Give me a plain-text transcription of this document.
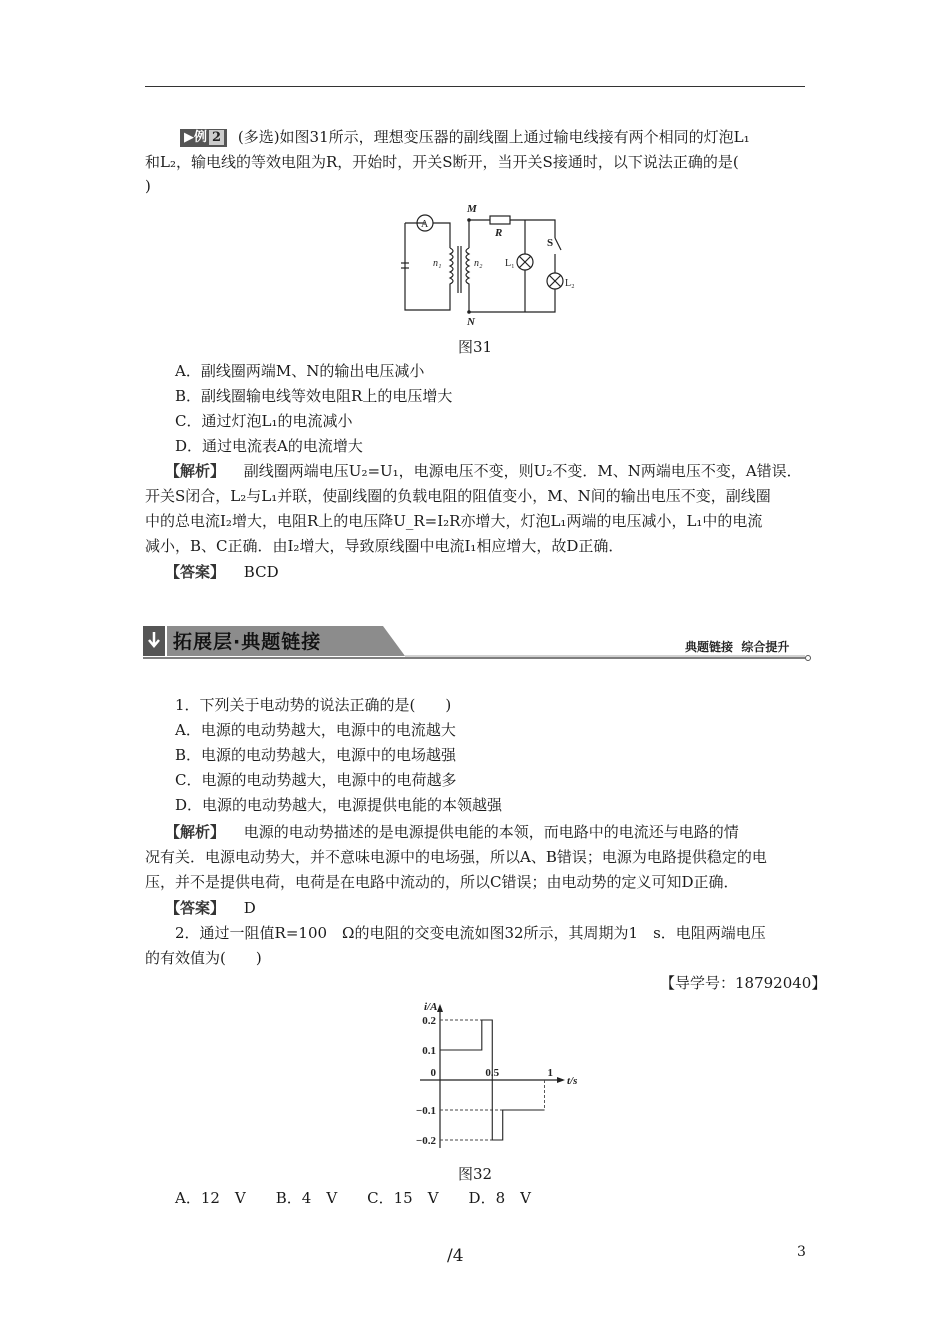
▶例 2 (多选)如图31所示，理想变压器的副线圈上通过输电线接有两个相同的灯泡L₁
和L₂，输电线的等效电阻为R，开始时，开关S断开，当开关S接通时，以下说法正确的是(
)
A
M
N
R
S
n₁	n₂ L₁
L₂
图31
A．副线圈两端M、N的输出电压减小
B．副线圈输电线等效电阻R上的电压增大
C．通过灯泡L₁的电流减小
D．通过电流表A的电流增大
【解析】 副线圈两端电压U₂=U₁，电源电压不变，则U₂不变．M、N两端电压不变，A错误．
开关S闭合，L₂与L₁并联，使副线圈的负载电阻的阻值变小，M、N间的输出电压不变，副线圈
中的总电流I₂增大，电阻R上的电压降U_R=I₂R亦增大，灯泡L₁两端的电压减小，L₁中的电流
减小，B、C正确．由I₂增大，导致原线圈中电流I₁相应增大，故D正确．
【答案】 BCD
拓展层·典题链接	典题链接 综合提升
1．下列关于电动势的说法正确的是(　　)
A．电源的电动势越大，电源中的电流越大
B．电源的电动势越大，电源中的电场越强
C．电源的电动势越大，电源中的电荷越多
D．电源的电动势越大，电源提供电能的本领越强
【解析】 电源的电动势描述的是电源提供电能的本领，而电路中的电流还与电路的情
况有关．电源电动势大，并不意味电源中的电场强，所以A、B错误；电源为电路提供稳定的电
压，并不是提供电荷，电荷是在电路中流动的，所以C错误；由电动势的定义可知D正确．
【答案】 D
2．通过一阻值R=100　Ω的电阻的交变电流如图32所示，其周期为1　s．电阻两端电压
的有效值为(　　)
【导学号：18792040】
0.2
0.1
−0.1
−0.2
0	0.5	1
t/s
i/A
图32
A．12　V　　B．4　V　　C．15　V　　D．8　V
/4	3
